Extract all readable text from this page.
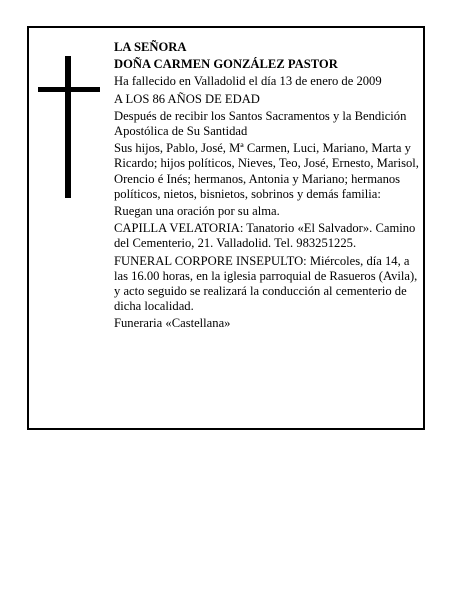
LA SEÑORA

DOÑA CARMEN GONZÁLEZ PASTOR

Ha fallecido en Valladolid el día 13 de enero de 2009

A LOS 86 AÑOS DE EDAD

Después de recibir los Santos Sacramentos y la Bendición Apostólica de Su Santidad

Sus hijos, Pablo, José, Mª Carmen, Luci, Mariano, Marta y Ricardo; hijos políticos, Nieves, Teo, José, Ernesto, Marisol, Orencio é Inés; hermanos, Antonia y Mariano; hermanos políticos, nietos, bisnietos, sobrinos y demás familia:

Ruegan una oración por su alma.

CAPILLA VELATORIA: Tanatorio «El Salvador». Camino del Cementerio, 21. Valladolid. Tel. 983251225.

FUNERAL CORPORE INSEPULTO: Miércoles, día 14, a las 16.00 horas, en la iglesia parroquial de Rasueros (Avila), y acto seguido se realizará la conducción al cementerio de dicha localidad.

Funeraria «Castellana»
